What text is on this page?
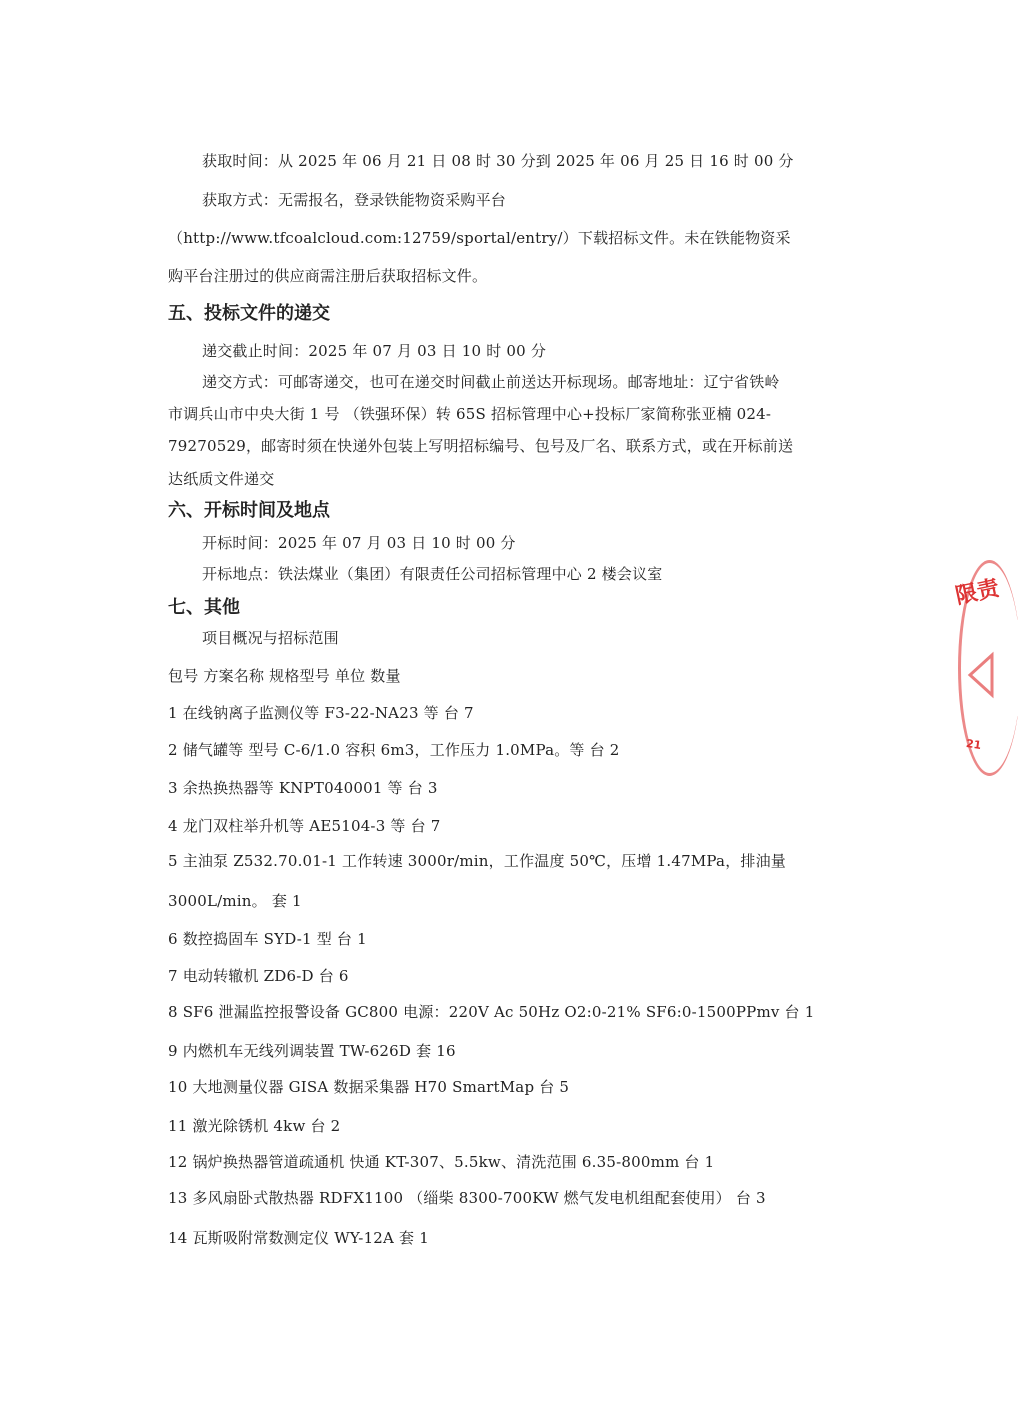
获取时间：从 2025 年 06 月 21 日 08 时 30 分到 2025 年 06 月 25 日 16 时 00 分
获取方式：无需报名，登录铁能物资采购平台
（http://www.tfcoalcloud.com:12759/sportal/entry/）下载招标文件。未在铁能物资采
购平台注册过的供应商需注册后获取招标文件。
五、投标文件的递交
递交截止时间：2025 年 07 月 03 日 10 时 00 分
递交方式：可邮寄递交，也可在递交时间截止前送达开标现场。邮寄地址：辽宁省铁岭
市调兵山市中央大街 1 号 （铁强环保）转 65S 招标管理中心+投标厂家简称张亚楠 024-
79270529，邮寄时须在快递外包装上写明招标编号、包号及厂名、联系方式，或在开标前送
达纸质文件递交
六、开标时间及地点
开标时间：2025 年 07 月 03 日 10 时 00 分
开标地点：铁法煤业（集团）有限责任公司招标管理中心 2 楼会议室
七、其他
项目概况与招标范围
包号 方案名称 规格型号 单位 数量
1 在线钠离子监测仪等 F3-22-NA23 等 台 7
2 储气罐等 型号 C-6/1.0 容积 6m3，工作压力 1.0MPa。等 台 2
3 余热换热器等 KNPT040001 等 台 3
4 龙门双柱举升机等 AE5104-3 等 台 7
5 主油泵 Z532.70.01-1 工作转速 3000r/min，工作温度 50℃，压增 1.47MPa，排油量
3000L/min。 套 1
6 数控捣固车 SYD-1 型 台 1
7 电动转辙机 ZD6-D 台 6
8 SF6 泄漏监控报警设备 GC800 电源：220V Ac 50Hz O2:0-21% SF6:0-1500PPmv 台 1
9 内燃机车无线列调装置 TW-626D 套 16
10 大地测量仪器 GISA 数据采集器 H70 SmartMap 台 5
11 激光除锈机 4kw 台 2
12 锅炉换热器管道疏通机 快通 KT-307、5.5kw、清洗范围 6.35-800mm 台 1
13 多风扇卧式散热器 RDFX1100 （缁柴 8300-700KW 燃气发电机组配套使用） 台 3
14 瓦斯吸附常数测定仪 WY-12A 套 1
限责
21
